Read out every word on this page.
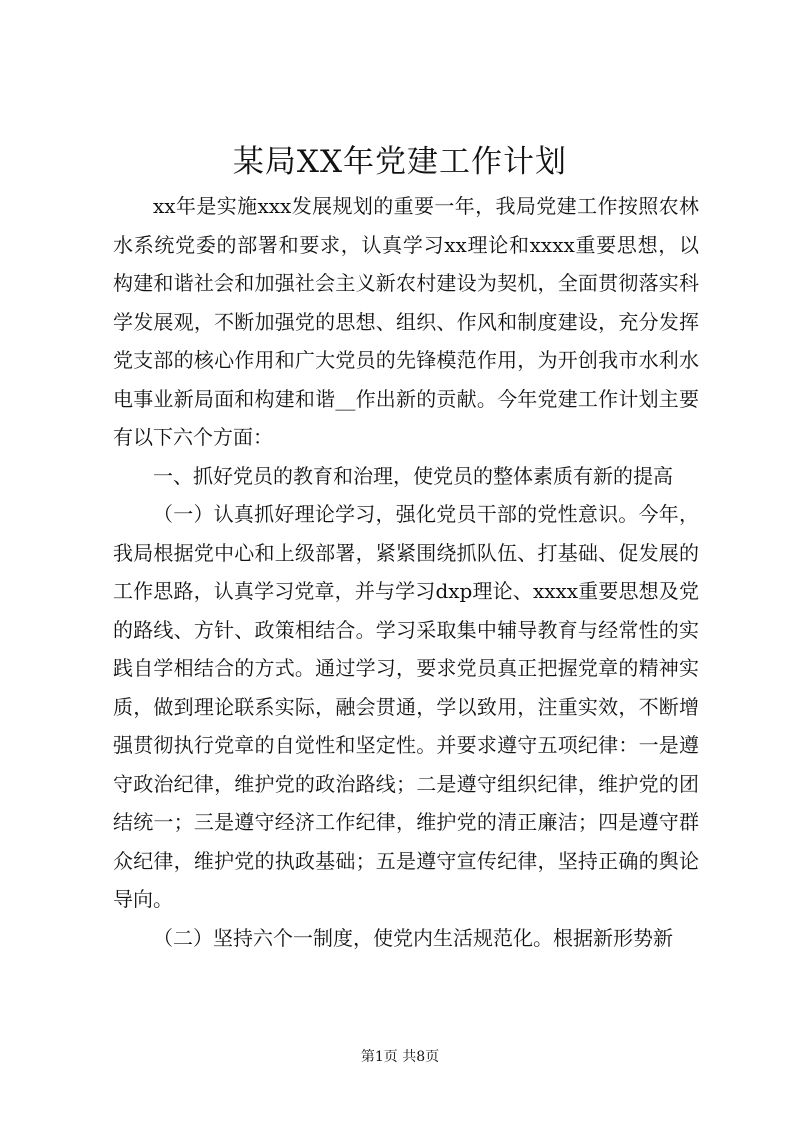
某局XX年党建工作计划

xx年是实施xxx发展规划的重要一年，我局党建工作按照农林水系统党委的部署和要求，认真学习xx理论和xxxx重要思想，以构建和谐社会和加强社会主义新农村建设为契机，全面贯彻落实科学发展观，不断加强党的思想、组织、作风和制度建设，充分发挥党支部的核心作用和广大党员的先锋模范作用，为开创我市水利水电事业新局面和构建和谐__作出新的贡献。今年党建工作计划主要有以下六个方面：

一、抓好党员的教育和治理，使党员的整体素质有新的提高

（一）认真抓好理论学习，强化党员干部的党性意识。今年，我局根据党中心和上级部署，紧紧围绕抓队伍、打基础、促发展的工作思路，认真学习党章，并与学习dxp理论、xxxx重要思想及党的路线、方针、政策相结合。学习采取集中辅导教育与经常性的实践自学相结合的方式。通过学习，要求党员真正把握党章的精神实质，做到理论联系实际，融会贯通，学以致用，注重实效，不断增强贯彻执行党章的自觉性和坚定性。并要求遵守五项纪律：一是遵守政治纪律，维护党的政治路线；二是遵守组织纪律，维护党的团结统一；三是遵守经济工作纪律，维护党的清正廉洁；四是遵守群众纪律，维护党的执政基础；五是遵守宣传纪律，坚持正确的舆论导向。

（二）坚持六个一制度，使党内生活规范化。根据新形势新

第1页 共8页
